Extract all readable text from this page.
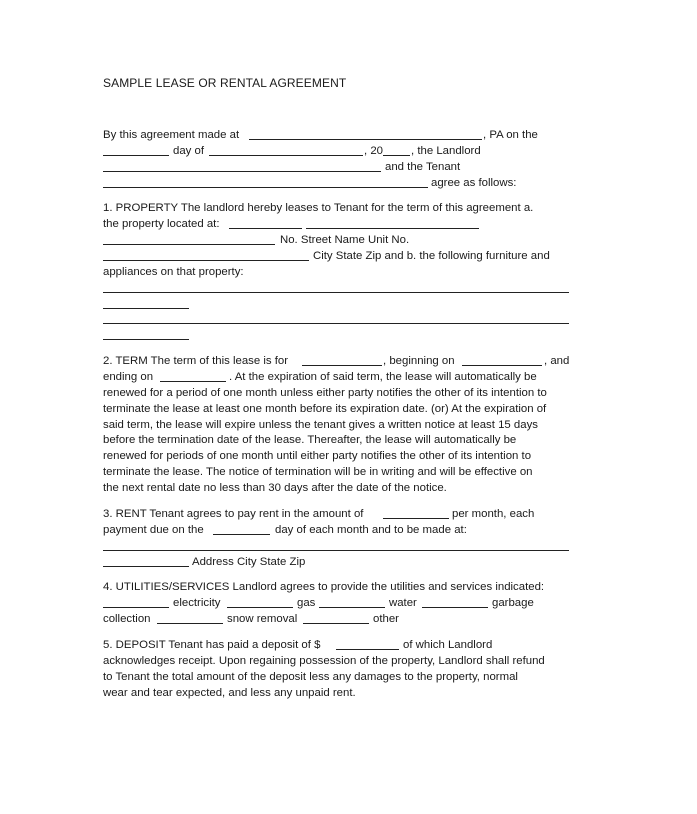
SAMPLE LEASE OR RENTAL AGREEMENT
By this agreement made at	, PA on the
day of	, 20 , the Landlord
and the Tenant
agree as follows:
1. PROPERTY The landlord hereby leases to Tenant for the term of this agreement a.
the property located at:
No. Street Name Unit No.
City State Zip and b. the following furniture and
appliances on that property:
2. TERM The term of this lease is for	, beginning on	, and
ending on	. At the expiration of said term, the lease will automatically be
renewed for a period of one month unless either party notifies the other of its intention to
terminate the lease at least one month before its expiration date. (or) At the expiration of
said term, the lease will expire unless the tenant gives a written notice at least 15 days
before the termination date of the lease. Thereafter, the lease will automatically be
renewed for periods of one month until either party notifies the other of its intention to
terminate the lease. The notice of termination will be in writing and will be effective on
the next rental date no less than 30 days after the date of the notice.
3. RENT Tenant agrees to pay rent in the amount of	per month, each
payment due on the	day of each month and to be made at:
Address City State Zip
4. UTILITIES/SERVICES Landlord agrees to provide the utilities and services indicated:
electricity	gas	water	garbage
collection	snow removal	other
5. DEPOSIT Tenant has paid a deposit of $	of which Landlord
acknowledges receipt. Upon regaining possession of the property, Landlord shall refund
to Tenant the total amount of the deposit less any damages to the property, normal
wear and tear expected, and less any unpaid rent.
